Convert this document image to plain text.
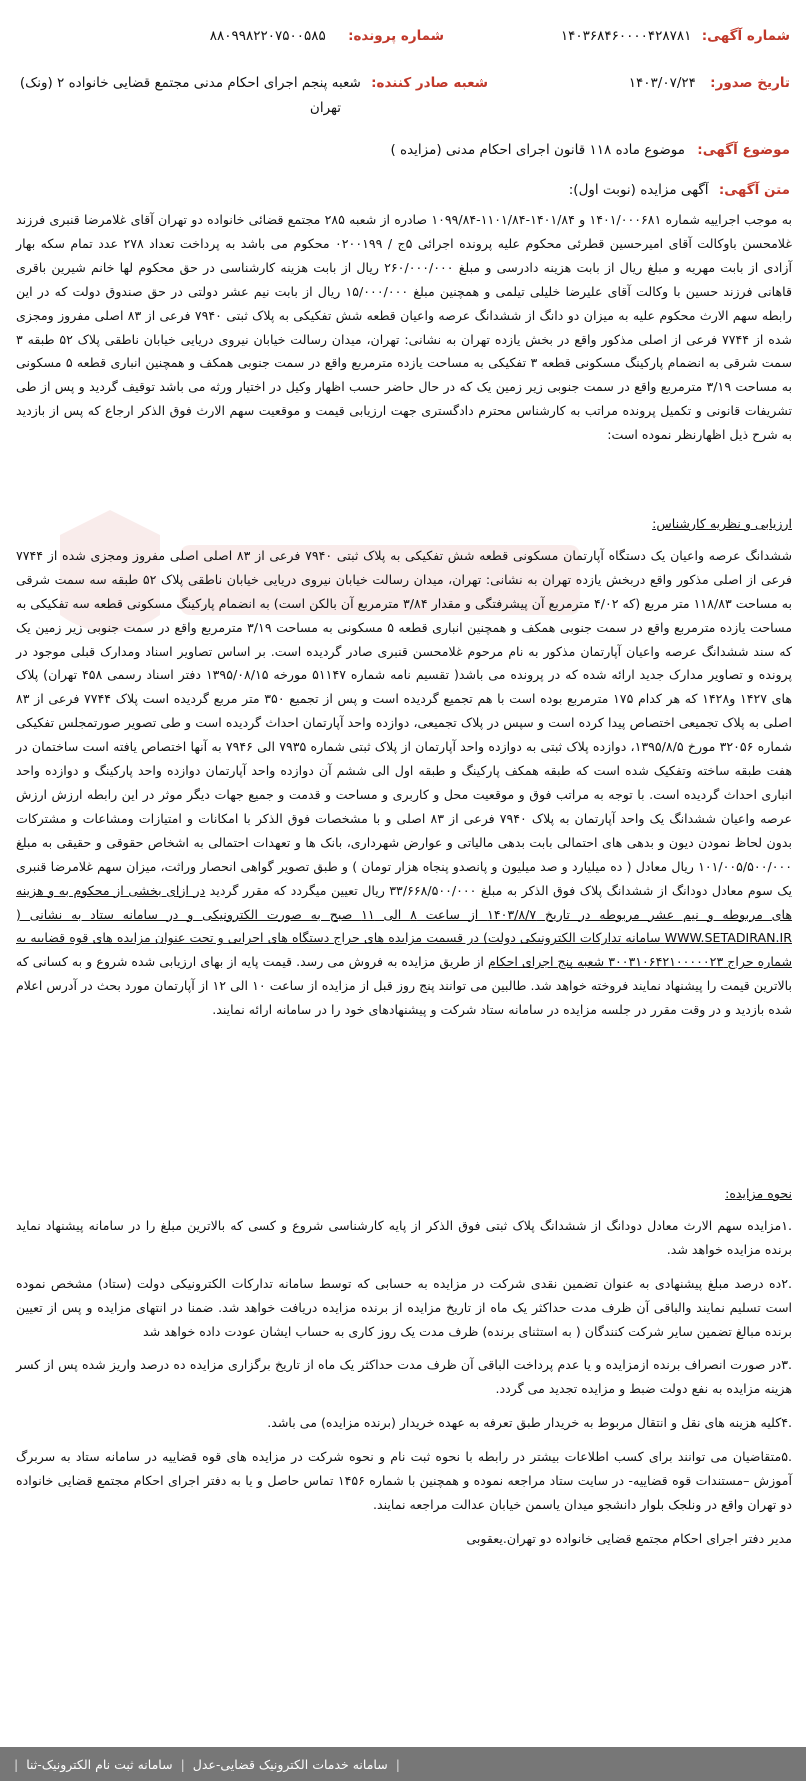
شماره آگهی: ۱۴۰۳۶۸۴۶۰۰۰۰۴۲۸۷۸۱
شماره پرونده: ۸۸۰۹۹۸۲۲۰۷۵۰۰۵۸۵
تاریخ صدور: ۱۴۰۳/۰۷/۲۴
شعبه صادر کننده: شعبه پنجم اجرای احکام مدنی مجتمع قضایی خانواده ۲ (ونک)
تهران
موضوع آگهی: موضوع ماده ۱۱۸ قانون اجرای احکام مدنی (مزایده )
متن آگهی: آگهی مزایده (نوبت اول):

به موجب اجراییه شماره ۱۴۰۱/۰۰۰۶۸۱ و ۱۴۰۱/۸۴-۱۱۰۱/۸۴-۱۰۹۹/۸۴ صادره از شعبه ۲۸۵ مجتمع قضائی خانواده دو تهران آقای غلامرضا قنبری فرزند غلامحسن باوکالت آقای امیرحسین قطرئی محکوم علیه پرونده اجرائی ۵ج / ۰۲۰۰۱۹۹ محکوم می باشد به پرداخت تعداد ۲۷۸ عدد تمام سکه بهار آزادی از بابت مهریه و مبلغ ریال از بابت هزینه دادرسی و مبلغ ۲۶۰/۰۰۰/۰۰۰ ریال از بابت هزینه کارشناسی در حق محکوم لها خانم شیرین باقری قاهانی فرزند حسین با وکالت آقای علیرضا خلیلی تیلمی و همچنین مبلغ ۱۵/۰۰۰/۰۰۰ ریال از بابت نیم عشر دولتی در حق صندوق دولت که در این رابطه سهم الارث محکوم علیه به میزان دو دانگ از ششدانگ عرصه واعیان قطعه شش تفکیکی به پلاک ثبتی ۷۹۴۰ فرعی از ۸۳ اصلی مفروز ومجزی شده از ۷۷۴۴ فرعی از اصلی مذکور واقع در بخش یازده تهران به نشانی: تهران، میدان رسالت خیابان نیروی دریایی خیابان ناطقی پلاک ۵۲ طبقه ۳ سمت شرقی به انضمام پارکینگ مسکونی قطعه ۳ تفکیکی به مساحت یازده مترمربع واقع در سمت جنوبی همکف و همچنین انباری قطعه ۵ مسکونی به مساحت ۳/۱۹ مترمربع واقع در سمت جنوبی زیر زمین یک که در حال حاضر حسب اظهار وکیل در اختیار ورثه می باشد توقیف گردید و پس از طی تشریفات قانونی و تکمیل پرونده مراتب به کارشناس محترم دادگستری جهت ارزیابی قیمت و موقعیت سهم الارث فوق الذکر ارجاع که پس از بازدید به شرح ذیل اظهارنظر نموده است:

ارزیابی و نظریه کارشناس:

ششدانگ عرصه واعیان یک دستگاه آپارتمان مسکونی قطعه شش تفکیکی به پلاک ثبتی ۷۹۴۰ فرعی از ۸۳ اصلی اصلی مفروز ومجزی شده از ۷۷۴۴ فرعی از اصلی مذکور واقع دربخش یازده تهران به نشانی: تهران، میدان رسالت خیابان نیروی دریایی خیابان ناطقی پلاک ۵۲ طبقه سه سمت شرقی به مساحت ۱۱۸/۸۳ متر مربع (که ۴/۰۲ مترمربع آن پیشرفتگی و مقدار ۳/۸۴ مترمربع آن بالکن است) به انضمام پارکینگ مسکونی قطعه سه تفکیکی به مساحت یازده مترمربع واقع در سمت جنوبی همکف و همچنین انباری قطعه ۵ مسکونی به مساحت ۳/۱۹ مترمربع واقع در سمت جنوبی زیر زمین یک که سند ششدانگ عرصه واعیان آپارتمان مذکور به نام مرحوم غلامحسن قنبری صادر گردیده است. بر اساس تصاویر اسناد ومدارک قبلی موجود در پرونده و تصاویر مدارک جدید ارائه شده که در پرونده می باشد( تقسیم نامه شماره ۵۱۱۴۷ مورخه ۱۳۹۵/۰۸/۱۵ دفتر اسناد رسمی ۴۵۸ تهران) پلاک های ۱۴۲۷ و۱۴۲۸ که هر کدام ۱۷۵ مترمربع بوده است با هم تجمیع گردیده است و پس از تجمیع ۳۵۰ متر مربع گردیده است پلاک ۷۷۴۴ فرعی از ۸۳ اصلی به پلاک تجمیعی اختصاص پیدا کرده است و سپس در پلاک تجمیعی، دوازده واحد آپارتمان احداث گردیده است و طی تصویر صورتمجلس تفکیکی شماره ۳۲۰۵۶ مورخ ۱۳۹۵/۸/۵، دوازده پلاک ثبتی به دوازده واحد آپارتمان از پلاک ثبتی شماره ۷۹۳۵ الی ۷۹۴۶ به آنها اختصاص یافته است ساختمان در هفت طبقه ساخته وتفکیک شده است که طبقه همکف پارکینگ و طبقه اول الی ششم آن دوازده واحد آپارتمان دوازده واحد پارکینگ و دوازده واحد انباری احداث گردیده است. با توجه به مراتب فوق و موقعیت محل و کاربری و مساحت و قدمت و جمیع جهات دیگر موثر در این رابطه ارزش ارزش عرصه واعیان ششدانگ یک واحد آپارتمان به پلاک ۷۹۴۰ فرعی از ۸۳ اصلی و با مشخصات فوق الذکر با امکانات و امتیازات ومشاعات و مشترکات بدون لحاظ نمودن دیون و بدهی های احتمالی بابت بدهی مالیاتی و عوارض شهرداری، بانک ها و تعهدات احتمالی به اشخاص حقوقی و حقیقی به مبلغ ۱۰۱/۰۰۵/۵۰۰/۰۰۰ ریال معادل ( ده میلیارد و صد میلیون و پانصدو پنجاه هزار تومان ) و طبق تصویر گواهی انحصار وراثت، میزان سهم غلامرضا قنبری یک سوم معادل دودانگ از ششدانگ پلاک فوق الذکر به مبلغ ۳۳/۶۶۸/۵۰۰/۰۰۰ ریال تعیین میگردد که مقرر گردید در ازای بخشی از محکوم به و هزینه های مربوطه و نیم عشر مربوطه در تاریخ ۱۴۰۳/۸/۷ از ساعت ۸ الی ۱۱ صبح به صورت الکترونیکی و در سامانه ستاد به نشانی ( WWW.SETADIRAN.IR سامانه تدارکات الکترونیکی دولت) در قسمت مزایده های حراج دستگاه های اجرایی و تحت عنوان مزایده های قوه قضاییه به شماره حراج ۳۰۰۳۱۰۶۴۲۱۰۰۰۰۰۲۳ شعبه پنج اجرای احکام از طریق مزایده به فروش می رسد. قیمت پایه از بهای ارزیابی شده شروع و به کسانی که بالاترین قیمت را پیشنهاد نمایند فروخته خواهد شد. طالبین می توانند پنج روز قبل از مزایده از ساعت ۱۰ الی ۱۲ از آپارتمان مورد بحث در آدرس اعلام شده بازدید و در وقت مقرر در جلسه مزایده در سامانه ستاد شرکت و پیشنهادهای خود را در سامانه ارائه نمایند.

نحوه مزایده:

.۱مزایده سهم الارث معادل دودانگ از ششدانگ پلاک ثبتی فوق الذکر از پایه کارشناسی شروع و کسی که بالاترین مبلغ را در سامانه پیشنهاد نماید برنده مزایده خواهد شد.

.۲ده درصد مبلغ پیشنهادی به عنوان تضمین نقدی شرکت در مزایده به حسابی که توسط سامانه تدارکات الکترونیکی دولت (ستاد) مشخص نموده است تسلیم نمایند والباقی آن ظرف مدت حداکثر یک ماه از تاریخ مزایده از برنده مزایده دریافت خواهد شد. ضمنا در انتهای مزایده و پس از تعیین برنده مبالغ تضمین سایر شرکت کنندگان ( به استثنای برنده) ظرف مدت یک روز کاری به حساب ایشان عودت داده خواهد شد

.۳در صورت انصراف برنده ازمزایده و یا عدم پرداخت الباقی آن ظرف مدت حداکثر یک ماه از تاریخ برگزاری مزایده ده درصد واریز شده پس از کسر هزینه مزایده به نفع دولت ضبط و مزایده تجدید می گردد.

.۴کلیه هزینه های نقل و انتقال مربوط به خریدار طبق تعرفه به عهده خریدار (برنده مزایده) می باشد.

.۵متقاضیان می توانند برای کسب اطلاعات بیشتر در رابطه با نحوه ثبت نام و نحوه شرکت در مزایده های قوه قضاییه در سامانه ستاد به سربرگ آموزش –مستندات قوه قضاییه- در سایت ستاد مراجعه نموده و همچنین با شماره ۱۴۵۶ تماس حاصل و یا به دفتر اجرای احکام مجتمع قضایی خانواده دو تهران واقع در ونلجک بلوار دانشجو میدان یاسمن خیابان عدالت مراجعه نمایند.

مدیر دفتر اجرای احکام مجتمع قضایی خانواده دو تهران.یعقوبی

|
سامانه خدمات الکترونیک قضایی-عدل
|
سامانه ثبت نام الکترونیک-ثنا
|
